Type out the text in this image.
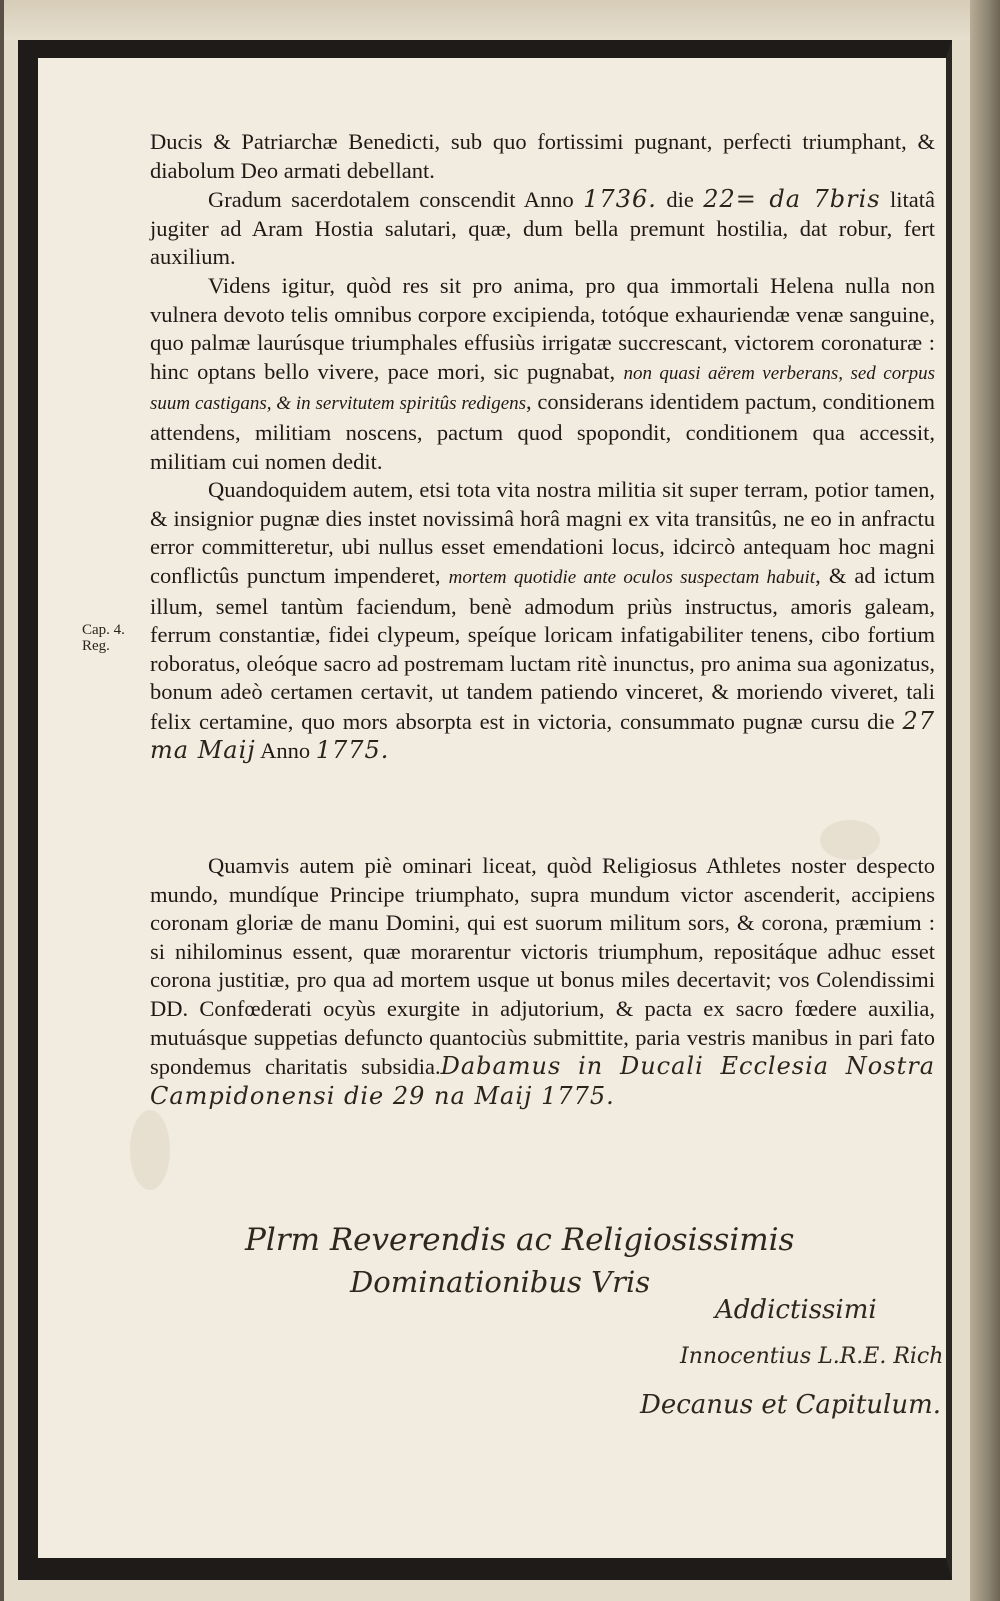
Ducis & Patriarchæ Benedicti, sub quo fortissimi pugnant, perfecti triumphant, & diabolum Deo armati debellant.

Gradum sacerdotalem conscendit Anno 1736. die 22= da 7bris litatâ jugiter ad Aram Hostia salutari, quæ, dum bella premunt hostilia, dat robur, fert auxilium.

Videns igitur, quòd res sit pro anima, pro qua immortali Helena nulla non vulnera devoto telis omnibus corpore excipienda, totóque exhauriendæ venæ sanguine, quo palmæ laurúsque triumphales effusiùs irrigatæ succrescant, victorem coronaturæ : hinc optans bello vivere, pace mori, sic pugnabat, non quasi aërem verberans, sed corpus suum castigans, & in servitutem spiritûs redigens, considerans identidem pactum, conditionem attendens, militiam noscens, pactum quod spopondit, conditionem qua accessit, militiam cui nomen dedit.

Quandoquidem autem, etsi tota vita nostra militia sit super terram, potior tamen, & insignior pugnæ dies instet novissimâ horâ magni ex vita transitûs, ne eo in anfractu error committeretur, ubi nullus esset emendationi locus, idcircò antequam hoc magni conflictûs punctum impenderet, mortem quotidie ante oculos suspectam habuit, & ad ictum illum, semel tantùm faciendum, benè admodum priùs instructus, amoris galeam, ferrum constantiæ, fidei clypeum, speíque loricam infatigabiliter tenens, cibo fortium roboratus, oleóque sacro ad postremam luctam ritè inunctus, pro anima sua agonizatus, bonum adeò certamen certavit, ut tandem patiendo vinceret, & moriendo viveret, tali felix certamine, quo mors absorpta est in victoria, consummato pugnæ cursu die 27 ma Maij Anno 1775.

Quamvis autem piè ominari liceat, quòd Religiosus Athletes noster despecto mundo, mundíque Principe triumphato, supra mundum victor ascenderit, accipiens coronam gloriæ de manu Domini, qui est suorum militum sors, & corona, præmium : si nihilominus essent, quæ morarentur victoris triumphum, repositáque adhuc esset corona justitiæ, pro qua ad mortem usque ut bonus miles decertavit; vos Colendissimi DD. Confœderati ocyùs exurgite in adjutorium, & pacta ex sacro fœdere auxilia, mutuásque suppetias defuncto quantociùs submittite, paria vestris manibus in pari fato spondemus charitatis subsidia.Dabamus in Ducali Ecclesia Nostra Campidonensi die 29 na Maij 1775.

Cap. 4.
Reg.
Plrm Reverendis ac Religiosissimis
Dominationibus Vris
Addictissimi
Innocentius L.R.E. Rich
Decanus et Capitulum.
